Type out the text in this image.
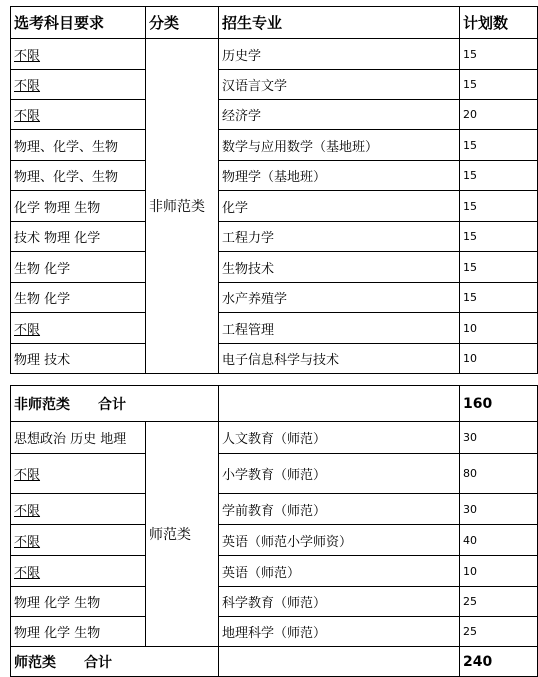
选考科目要求	分类	招生专业	计划数
不限	非师范类	历史学	15
不限		汉语言文学	15
不限		经济学	20
物理、化学、生物		数学与应用数学（基地班）	15
物理、化学、生物		物理学（基地班）	15
化学 物理 生物		化学	15
技术 物理 化学		工程力学	15
生物 化学		生物技术	15
生物 化学		水产养殖学	15
不限		工程管理	10
物理 技术		电子信息科学与技术	10
非师范类　　合计			160
思想政治 历史 地理	师范类	人文教育（师范）	30
不限		小学教育（师范）	80
不限		学前教育（师范）	30
不限		英语（师范小学师资）	40
不限		英语（师范）	10
物理 化学 生物		科学教育（师范）	25
物理 化学 生物		地理科学（师范）	25
师范类　　合计			240
